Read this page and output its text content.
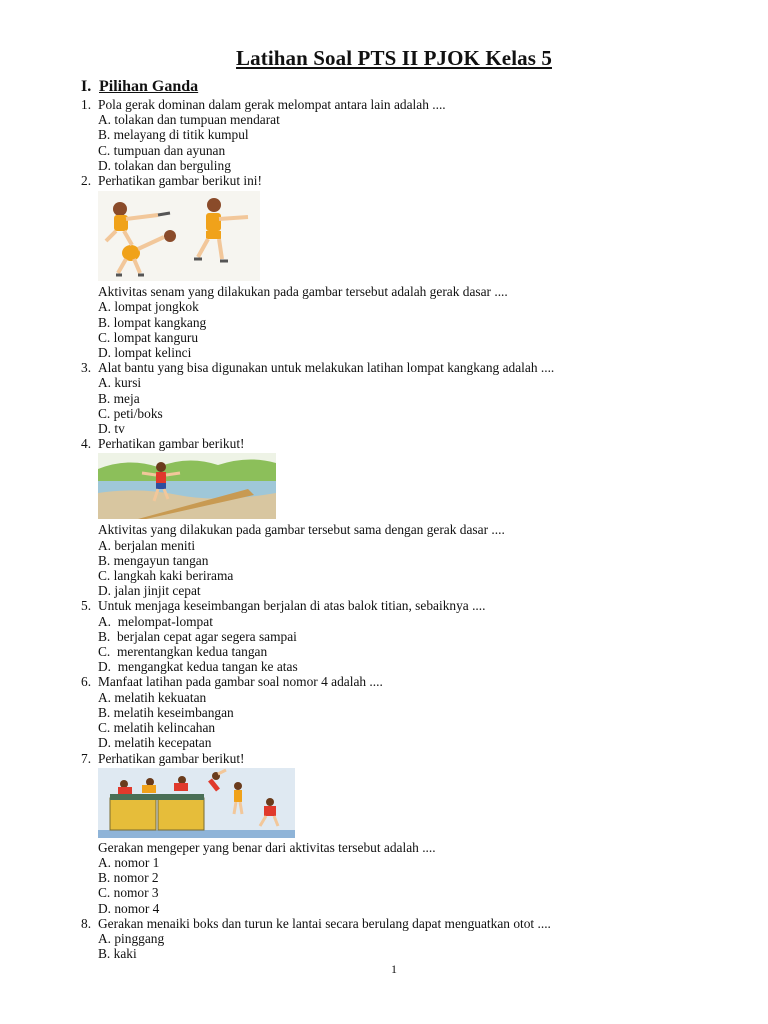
Latihan Soal PTS II PJOK Kelas 5
I. Pilihan Ganda
1. Pola gerak dominan dalam gerak melompat antara lain adalah ....
A. tolakan dan tumpuan mendarat
B. melayang di titik kumpul
C. tumpuan dan ayunan
D. tolakan dan berguling
2. Perhatikan gambar berikut ini!
Aktivitas senam yang dilakukan pada gambar tersebut adalah gerak dasar ....
A. lompat jongkok
B. lompat kangkang
C. lompat kanguru
D. lompat kelinci
3. Alat bantu yang bisa digunakan untuk melakukan latihan lompat kangkang adalah ....
A. kursi
B. meja
C. peti/boks
D. tv
4. Perhatikan gambar berikut!
Aktivitas yang dilakukan pada gambar tersebut sama dengan gerak dasar ....
A. berjalan meniti
B. mengayun tangan
C. langkah kaki berirama
D. jalan jinjit cepat
5. Untuk menjaga keseimbangan berjalan di atas balok titian, sebaiknya ....
A.  melompat-lompat
B.  berjalan cepat agar segera sampai
C.  merentangkan kedua tangan
D.  mengangkat kedua tangan ke atas
6. Manfaat latihan pada gambar soal nomor 4 adalah ....
A. melatih kekuatan
B. melatih keseimbangan
C. melatih kelincahan
D. melatih kecepatan
7. Perhatikan gambar berikut!
Gerakan mengeper yang benar dari aktivitas tersebut adalah ....
A. nomor 1
B. nomor 2
C. nomor 3
D. nomor 4
8. Gerakan menaiki boks dan turun ke lantai secara berulang dapat menguatkan otot ....
A. pinggang
B. kaki
1
